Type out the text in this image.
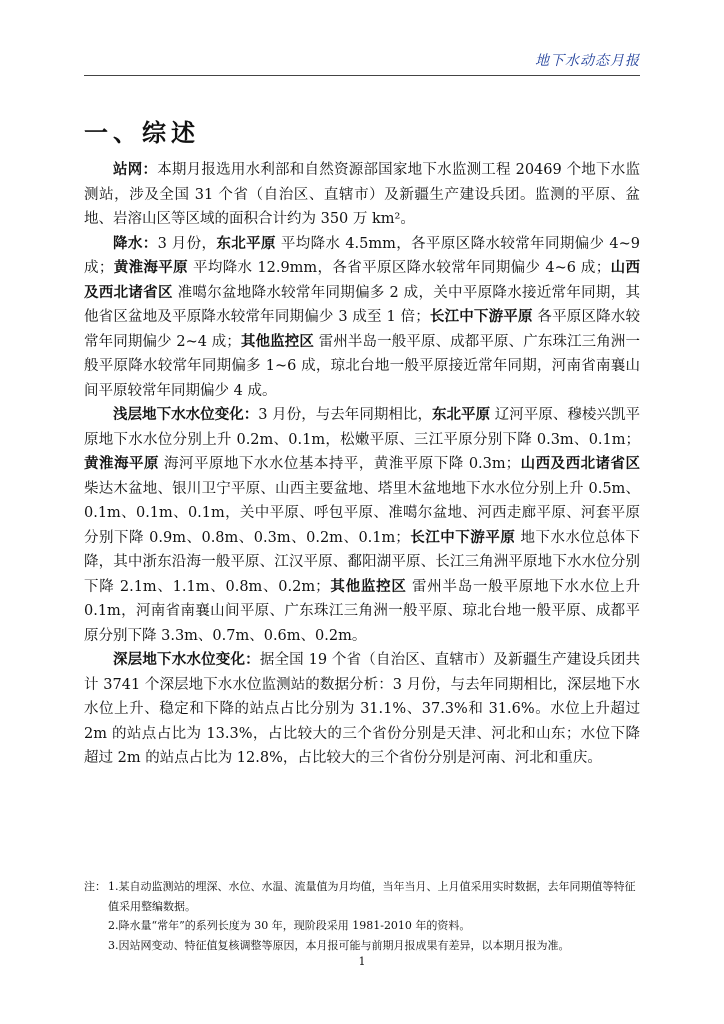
地下水动态月报
一、综述

站网：本期月报选用水利部和自然资源部国家地下水监测工程 20469 个地下水监测站，涉及全国 31 个省（自治区、直辖市）及新疆生产建设兵团。监测的平原、盆地、岩溶山区等区域的面积合计约为 350 万 km²。

降水：3 月份，东北平原 平均降水 4.5mm，各平原区降水较常年同期偏少 4~9 成；黄淮海平原 平均降水 12.9mm，各省平原区降水较常年同期偏少 4~6 成；山西及西北诸省区 准噶尔盆地降水较常年同期偏多 2 成，关中平原降水接近常年同期，其他省区盆地及平原降水较常年同期偏少 3 成至 1 倍；长江中下游平原 各平原区降水较常年同期偏少 2~4 成；其他监控区 雷州半岛一般平原、成都平原、广东珠江三角洲一般平原降水较常年同期偏多 1~6 成，琼北台地一般平原接近常年同期，河南省南襄山间平原较常年同期偏少 4 成。

浅层地下水水位变化：3 月份，与去年同期相比，东北平原 辽河平原、穆棱兴凯平原地下水水位分别上升 0.2m、0.1m，松嫩平原、三江平原分别下降 0.3m、0.1m；黄淮海平原 海河平原地下水水位基本持平，黄淮平原下降 0.3m；山西及西北诸省区 柴达木盆地、银川卫宁平原、山西主要盆地、塔里木盆地地下水水位分别上升 0.5m、0.1m、0.1m、0.1m，关中平原、呼包平原、准噶尔盆地、河西走廊平原、河套平原分别下降 0.9m、0.8m、0.3m、0.2m、0.1m；长江中下游平原 地下水水位总体下降，其中浙东沿海一般平原、江汉平原、鄱阳湖平原、长江三角洲平原地下水水位分别下降 2.1m、1.1m、0.8m、0.2m；其他监控区 雷州半岛一般平原地下水水位上升 0.1m，河南省南襄山间平原、广东珠江三角洲一般平原、琼北台地一般平原、成都平原分别下降 3.3m、0.7m、0.6m、0.2m。

深层地下水水位变化：据全国 19 个省（自治区、直辖市）及新疆生产建设兵团共计 3741 个深层地下水水位监测站的数据分析：3 月份，与去年同期相比，深层地下水水位上升、稳定和下降的站点占比分别为 31.1%、37.3%和 31.6%。水位上升超过 2m 的站点占比为 13.3%，占比较大的三个省份分别是天津、河北和山东；水位下降超过 2m 的站点占比为 12.8%，占比较大的三个省份分别是河南、河北和重庆。

注： 1.某自动监测站的埋深、水位、水温、流量值为月均值，当年当月、上月值采用实时数据，去年同期值等特征值采用整编数据。
2.降水量“常年”的系列长度为 30 年，现阶段采用 1981-2010 年的资料。
3.因站网变动、特征值复核调整等原因，本月报可能与前期月报成果有差异，以本期月报为准。
1
